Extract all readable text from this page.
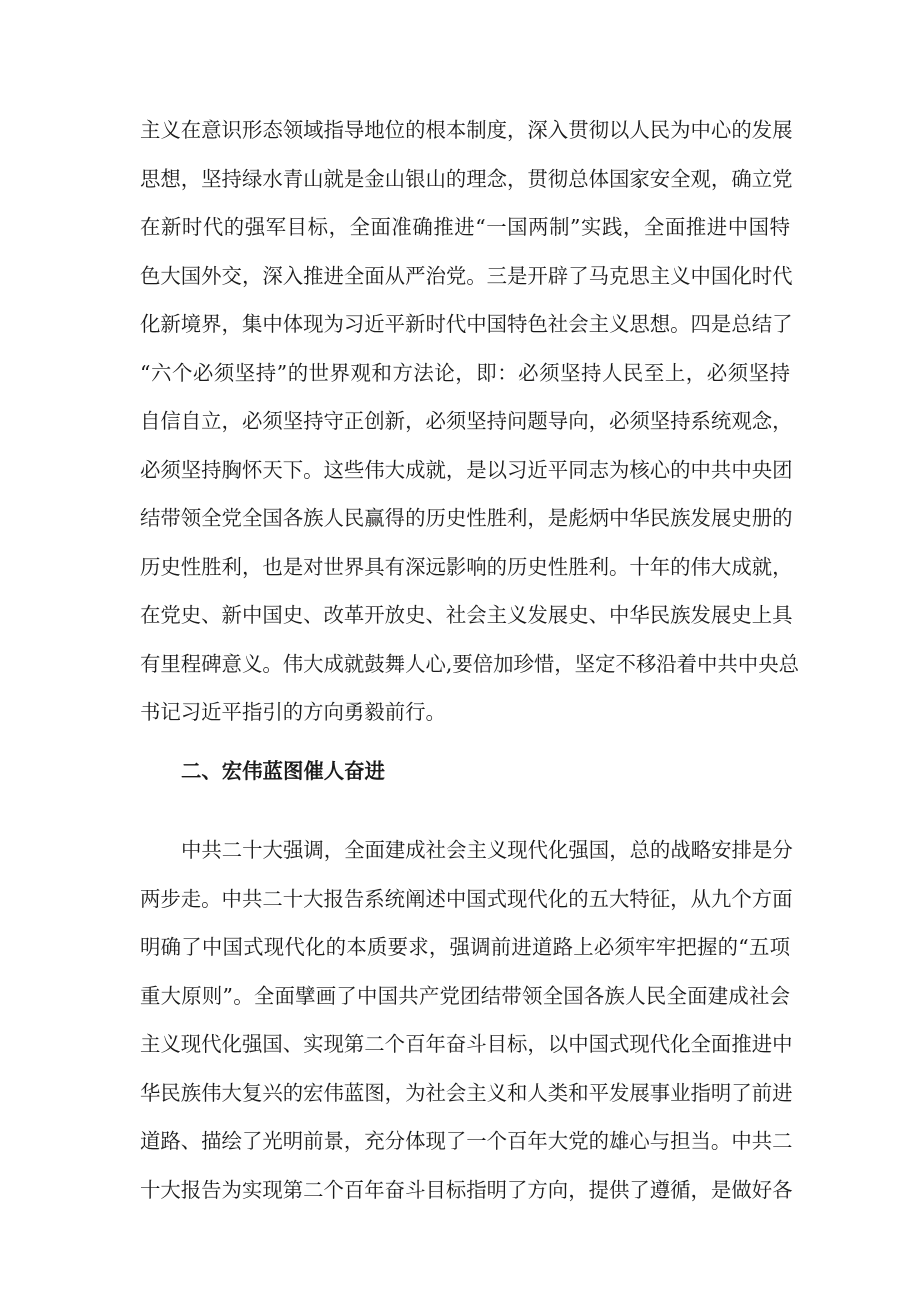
主义在意识形态领域指导地位的根本制度，深入贯彻以人民为中心的发展
思想，坚持绿水青山就是金山银山的理念，贯彻总体国家安全观，确立党
在新时代的强军目标，全面准确推进“一国两制”实践，全面推进中国特
色大国外交，深入推进全面从严治党。三是开辟了马克思主义中国化时代
化新境界，集中体现为习近平新时代中国特色社会主义思想。四是总结了
“六个必须坚持”的世界观和方法论，即：必须坚持人民至上，必须坚持
自信自立，必须坚持守正创新，必须坚持问题导向，必须坚持系统观念，
必须坚持胸怀天下。这些伟大成就，是以习近平同志为核心的中共中央团
结带领全党全国各族人民赢得的历史性胜利，是彪炳中华民族发展史册的
历史性胜利，也是对世界具有深远影响的历史性胜利。十年的伟大成就，
在党史、新中国史、改革开放史、社会主义发展史、中华民族发展史上具
有里程碑意义。伟大成就鼓舞人心,要倍加珍惜，坚定不移沿着中共中央总
书记习近平指引的方向勇毅前行。
二、宏伟蓝图催人奋进
中共二十大强调，全面建成社会主义现代化强国，总的战略安排是分
两步走。中共二十大报告系统阐述中国式现代化的五大特征，从九个方面
明确了中国式现代化的本质要求，强调前进道路上必须牢牢把握的“五项
重大原则”。全面擘画了中国共产党团结带领全国各族人民全面建成社会
主义现代化强国、实现第二个百年奋斗目标，以中国式现代化全面推进中
华民族伟大复兴的宏伟蓝图，为社会主义和人类和平发展事业指明了前进
道路、描绘了光明前景，充分体现了一个百年大党的雄心与担当。中共二
十大报告为实现第二个百年奋斗目标指明了方向，提供了遵循，是做好各
